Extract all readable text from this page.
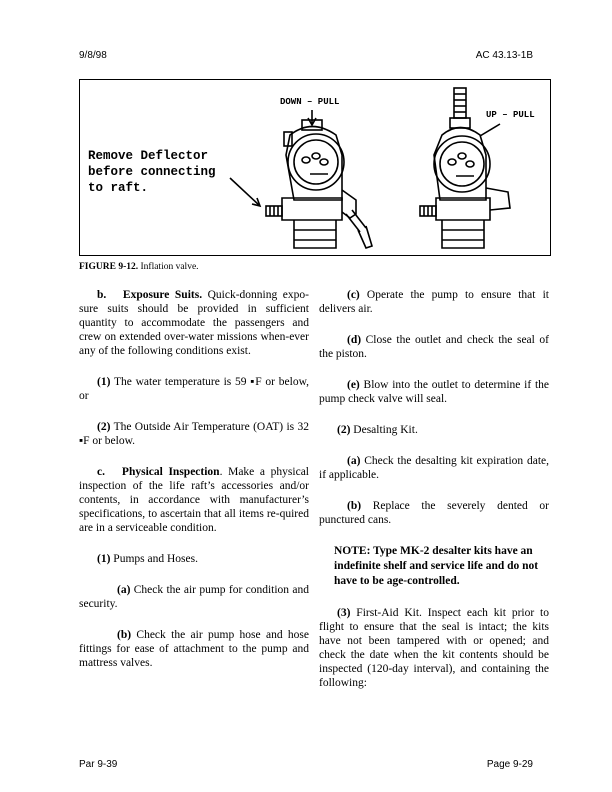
9/8/98	AC 43.13-1B
DOWN – PULL
UP – PULL
Remove Deflector
before connecting
to raft.
FIGURE 9-12. Inflation valve.

b. Exposure Suits. Quick-donning expo-sure suits should be provided in sufficient quantity to accommodate the passengers and crew on extended over-water missions when-ever any of the following conditions exist.

(1) The water temperature is 59 ▪F or below, or

(2) The Outside Air Temperature (OAT) is 32 ▪F or below.

c. Physical Inspection. Make a physical inspection of the life raft’s accessories and/or contents, in accordance with manufacturer’s specifications, to ascertain that all items re-quired are in a serviceable condition.

(1) Pumps and Hoses.

(a) Check the air pump for condition and security.

(b) Check the air pump hose and hose fittings for ease of attachment to the pump and mattress valves.

(c) Operate the pump to ensure that it delivers air.

(d) Close the outlet and check the seal of the piston.

(e) Blow into the outlet to determine if the pump check valve will seal.

(2) Desalting Kit.

(a) Check the desalting kit expiration date, if applicable.

(b) Replace the severely dented or punctured cans.

NOTE: Type MK-2 desalter kits have an indefinite shelf and service life and do not have to be age-controlled.

(3) First-Aid Kit. Inspect each kit prior to flight to ensure that the seal is intact; the kits have not been tampered with or opened; and check the date when the kit contents should be inspected (120-day interval), and containing the following:

Par 9-39	Page 9-29
